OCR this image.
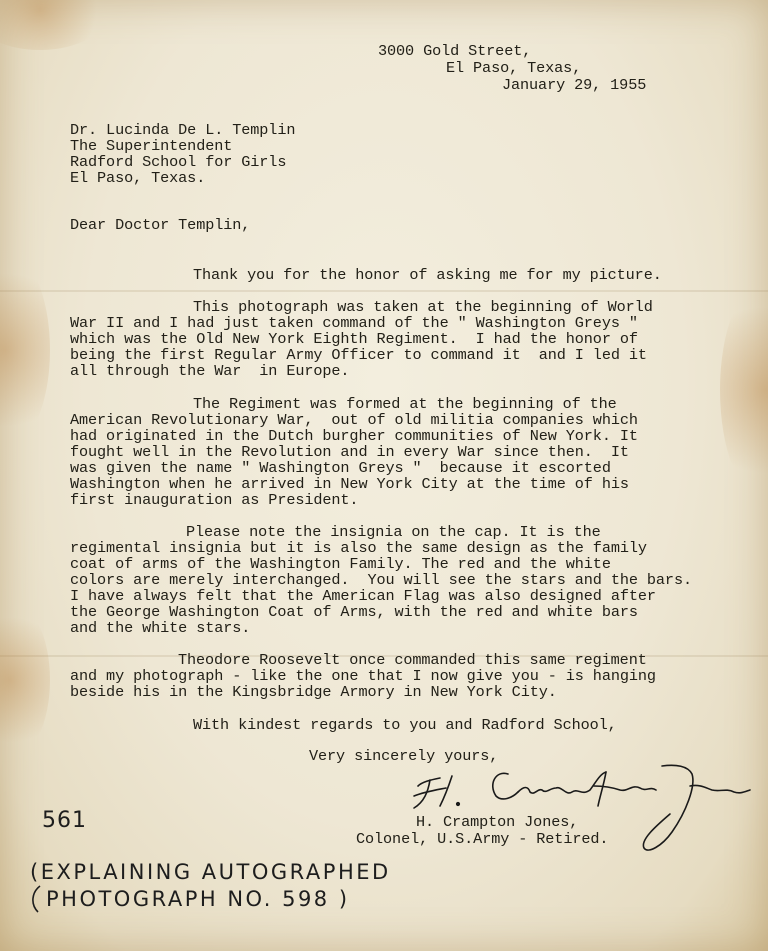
3000 Gold Street,
El Paso, Texas,
January 29, 1955
Dr. Lucinda De L. Templin
The Superintendent
Radford School for Girls
El Paso, Texas.
Dear Doctor Templin,
Thank you for the honor of asking me for my picture.
This photograph was taken at the beginning of World
War II and I had just taken command of the " Washington Greys "
which was the Old New York Eighth Regiment.  I had the honor of
being the first Regular Army Officer to command it  and I led it
all through the War  in Europe.
The Regiment was formed at the beginning of the
American Revolutionary War,  out of old militia companies which
had originated in the Dutch burgher communities of New York. It
fought well in the Revolution and in every War since then.  It
was given the name " Washington Greys "  because it escorted
Washington when he arrived in New York City at the time of his
first inauguration as President.
Please note the insignia on the cap. It is the
regimental insignia but it is also the same design as the family
coat of arms of the Washington Family. The red and the white
colors are merely interchanged.  You will see the stars and the bars.
I have always felt that the American Flag was also designed after
the George Washington Coat of Arms, with the red and white bars
and the white stars.
Theodore Roosevelt once commanded this same regiment
and my photograph - like the one that I now give you - is hanging
beside his in the Kingsbridge Armory in New York City.
With kindest regards to you and Radford School,
Very sincerely yours,
H. Crampton Jones,
Colonel, U.S.Army - Retired.
561
(EXPLAINING AUTOGRAPHED
PHOTOGRAPH NO. 598 )
